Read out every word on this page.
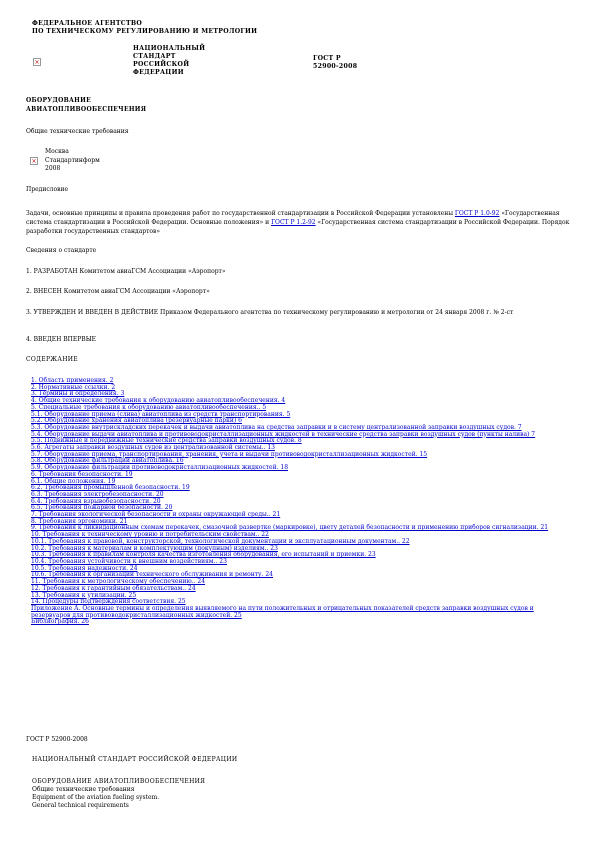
ФЕДЕРАЛЬНОЕ АГЕНТСТВО
ПО ТЕХНИЧЕСКОМУ РЕГУЛИРОВАНИЮ И МЕТРОЛОГИИ
×
НАЦИОНАЛЬНЫЙ
СТАНДАРТ
РОССИЙСКОЙ
ФЕДЕРАЦИИ
ГОСТ Р
52900-2008
ОБОРУДОВАНИЕ
АВИАТОПЛИВООБЕСПЕЧЕНИЯ
Общие технические требования
×
Москва
Стандартинформ
2008
Предисловие
Задачи, основные принципы и правила проведения работ по государственной стандартизации в Российской Федерации установлены ГОСТ Р 1.0-92 «Государственная система стандартизации в Российской Федерации. Основные положения» и ГОСТ Р 1.2-92 «Государственная система стандартизации в Российской Федерации. Порядок разработки государственных стандартов»
Сведения о стандарте
1. РАЗРАБОТАН Комитетом авиаГСМ Ассоциации «Аэропорт»
2. ВНЕСЕН Комитетом авиаГСМ Ассоциации «Аэропорт»
3. УТВЕРЖДЕН И ВВЕДЕН В ДЕЙСТВИЕ Приказом Федерального агентства по техническому регулированию и метрологии от 24 января 2008 г. № 2-ст
4. ВВЕДЕН ВПЕРВЫЕ
СОДЕРЖАНИЕ
1. Область применения. 2
2. Нормативные ссылки. 2
3. Термины и определения. 3
4. Общие технические требования к оборудованию авиатопливообеспечения. 4
5. Специальные требования к оборудованию авиатопливообеспечения.. 5
5.1. Оборудование приема (слива) авиатоплива из средств транспортирования. 5
5.2. Оборудование хранения авиатоплива (резервуарные парки) 6
5.3. Оборудование внутрискладских перекачек и выдачи авиатоплива на средства заправки и в систему централизованной заправки воздушных судов. 7
5.4. Оборудование выдачи авиатоплива и противоводокристаллизационных жидкостей в технические средства заправки воздушных судов (пункты налива) 7
5.5. Подвижные и передвижные технические средства заправки воздушных судов. 8
5.6. Агрегаты заправки воздушных судов из централизованной системы.. 13
5.7. Оборудование приема, транспортирования, хранения, учета и выдачи противоводокристаллизационных жидкостей. 15
5.8. Оборудование фильтрации авиатоплива. 16
5.9. Оборудование фильтрации противоводокристаллизационных жидкостей. 18
6. Требования безопасности. 19
6.1. Общие положения. 19
6.2. Требования промышленной безопасности. 19
6.3. Требования электробезопасности. 20
6.4. Требования взрывобезопасности. 20
6.5. Требования пожарной безопасности. 20
7. Требования экологической безопасности и охраны окружающей среды.. 21
8. Требования эргономики. 21
9. Требования к ликвидационным схемам перекачек, смазочной развертке (маркировке), цвету деталей безопасности и применению приборов сигнализации. 21
10. Требования к техническому уровню и потребительским свойствам.. 22
10.1. Требования к правовой, конструкторской, технологической документации и эксплуатационным документам.. 22
10.2. Требования к материалам и комплектующим (покупным) изделиям.. 23
10.3. Требования к правилам контроля качества изготовления оборудования, его испытаний и приемки. 23
10.4. Требования устойчивости к внешним воздействиям.. 23
10.5. Требования надежности. 24
10.6. Требования к организации технического обслуживания и ремонту. 24
11. Требования к метрологическому обеспечению.. 24
12. Требования к гарантийным обязательствам.. 24
13. Требования к утилизации. 25
14. Процедуры подтверждения соответствия. 25
Приложение А. Основные термины и определения выявляемого на пути положительных и отрицательных показателей средств заправки воздушных судов и резервуаров для противоводокристаллизационных жидкостей. 25
Библиография. 26
ГОСТ Р 52900-2008
НАЦИОНАЛЬНЫЙ СТАНДАРТ РОССИЙСКОЙ ФЕДЕРАЦИИ
ОБОРУДОВАНИЕ АВИАТОПЛИВООБЕСПЕЧЕНИЯ
Общие технические требования
Equipment of the aviation fueling system.
General technical requirements
